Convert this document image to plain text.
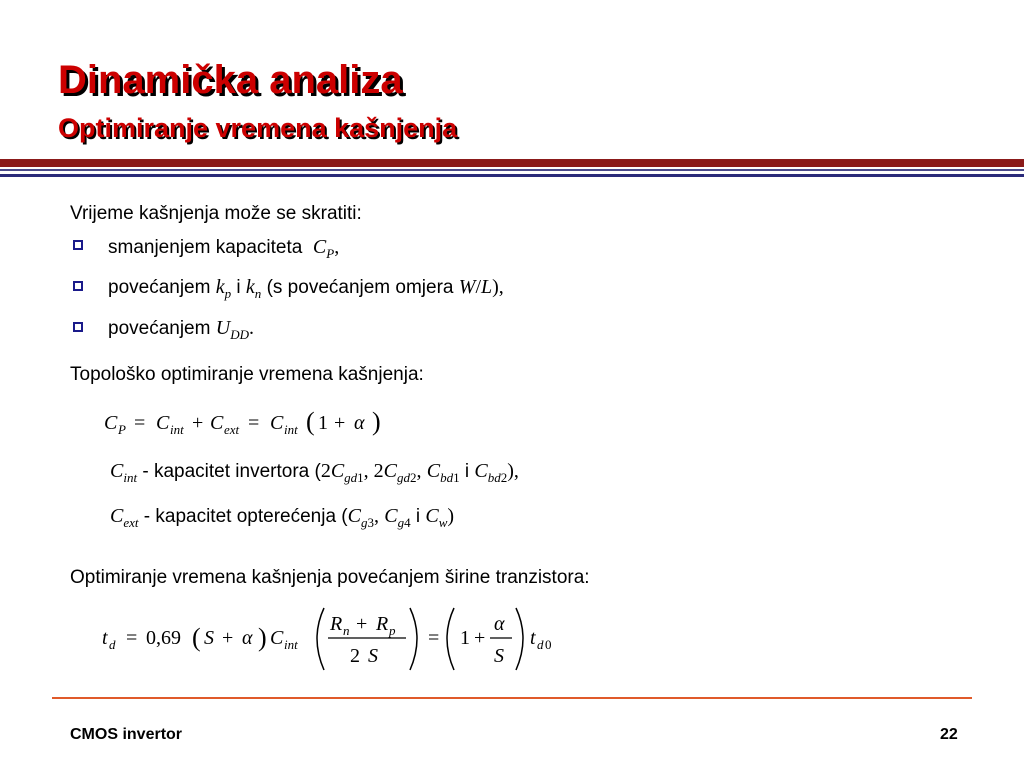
Dinamička analiza
Optimiranje vremena kašnjenja
Vrijeme kašnjenja može se skratiti:
smanjenjem kapaciteta $C_P$,
povećanjem $k_p$ i $k_n$ (s povećanjem omjera W/L),
povećanjem $U_{DD}$.
Topološko optimiranje vremena kašnjenja:
C P = C int + C ext = C int ( 1 + α )
$C_{int}$ - kapacitet invertora ($2C_{gd1}$, $2C_{gd2}$, $C_{bd1}$ i $C_{bd2}$),
$C_{ext}$ - kapacitet opterećenja ($C_{g3}$, $C_{g4}$ i $C_w$)
Optimiranje vremena kašnjenja povećanjem širine tranzistora:
t d = 0,69 ( S + α ) C int
R n + R p
2 S
= 1 +
α
S
t d 0
CMOS invertor	22
